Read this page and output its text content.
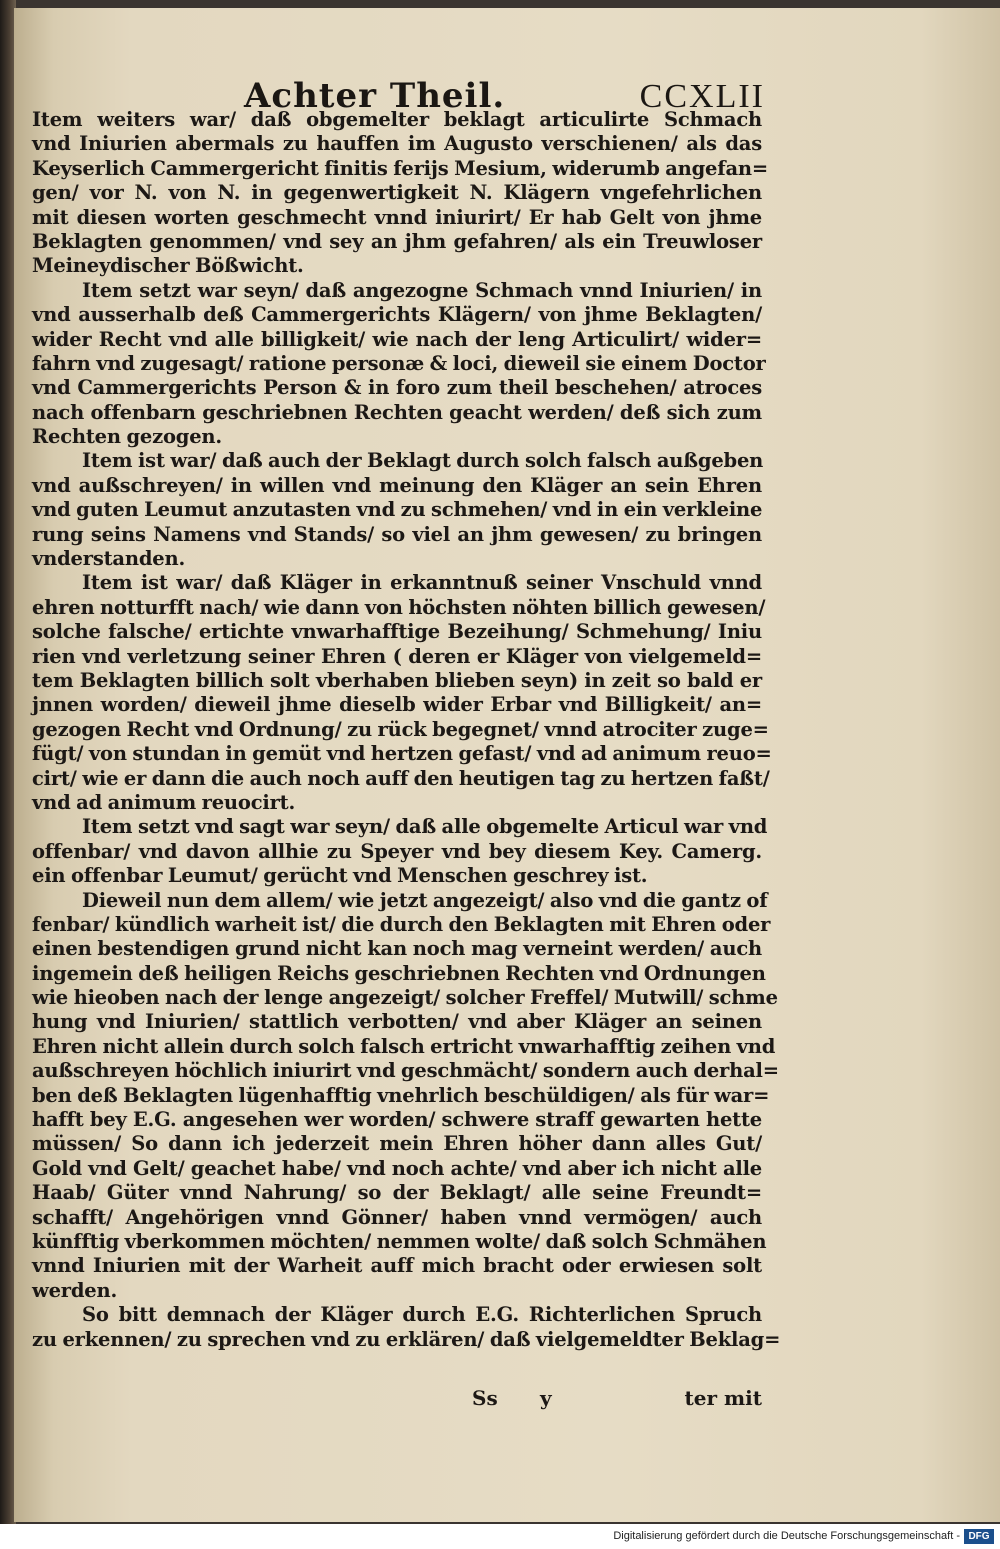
Achter Theil.	CCXLII
Item weiters war/ daß obgemelter beklagt articulirte Schmach
vnd Iniurien abermals zu hauffen im Augusto verschienen/ als das
Keyserlich Cammergericht finitis ferijs Mesium, widerumb angefan=
gen/ vor N. von N. in gegenwertigkeit N. Klägern vngefehrlichen
mit diesen worten geschmecht vnnd iniurirt/ Er hab Gelt von jhme
Beklagten genommen/ vnd sey an jhm gefahren/ als ein Treuwloser
Meineydischer Bößwicht.
Item setzt war seyn/ daß angezogne Schmach vnnd Iniurien/ in
vnd ausserhalb deß Cammergerichts Klägern/ von jhme Beklagten/
wider Recht vnd alle billigkeit/ wie nach der leng Articulirt/ wider=
fahrn vnd zugesagt/ ratione personæ & loci, dieweil sie einem Doctor
vnd Cammergerichts Person & in foro zum theil beschehen/ atroces
nach offenbarn geschriebnen Rechten geacht werden/ deß sich zum
Rechten gezogen.
Item ist war/ daß auch der Beklagt durch solch falsch außgeben
vnd außschreyen/ in willen vnd meinung den Kläger an sein Ehren
vnd guten Leumut anzutasten vnd zu schmehen/ vnd in ein verkleine
rung seins Namens vnd Stands/ so viel an jhm gewesen/ zu bringen
vnderstanden.
Item ist war/ daß Kläger in erkanntnuß seiner Vnschuld vnnd
ehren notturfft nach/ wie dann von höchsten nöhten billich gewesen/
solche falsche/ ertichte vnwarhafftige Bezeihung/ Schmehung/ Iniu
rien vnd verletzung seiner Ehren ( deren er Kläger von vielgemeld=
tem Beklagten billich solt vberhaben blieben seyn) in zeit so bald er
jnnen worden/ dieweil jhme dieselb wider Erbar vnd Billigkeit/ an=
gezogen Recht vnd Ordnung/ zu rück begegnet/ vnnd atrociter zuge=
fügt/ von stundan in gemüt vnd hertzen gefast/ vnd ad animum reuo=
cirt/ wie er dann die auch noch auff den heutigen tag zu hertzen faßt/
vnd ad animum reuocirt.
Item setzt vnd sagt war seyn/ daß alle obgemelte Articul war vnd
offenbar/ vnd davon allhie zu Speyer vnd bey diesem Key. Camerg.
ein offenbar Leumut/ gerücht vnd Menschen geschrey ist.
Dieweil nun dem allem/ wie jetzt angezeigt/ also vnd die gantz of
fenbar/ kündlich warheit ist/ die durch den Beklagten mit Ehren oder
einen bestendigen grund nicht kan noch mag verneint werden/ auch
ingemein deß heiligen Reichs geschriebnen Rechten vnd Ordnungen
wie hieoben nach der lenge angezeigt/ solcher Freffel/ Mutwill/ schme
hung vnd Iniurien/ stattlich verbotten/ vnd aber Kläger an seinen
Ehren nicht allein durch solch falsch ertricht vnwarhafftig zeihen vnd
außschreyen höchlich iniurirt vnd geschmächt/ sondern auch derhal=
ben deß Beklagten lügenhafftig vnehrlich beschüldigen/ als für war=
hafft bey E.G. angesehen wer worden/ schwere straff gewarten hette
müssen/ So dann ich jederzeit mein Ehren höher dann alles Gut/
Gold vnd Gelt/ geachet habe/ vnd noch achte/ vnd aber ich nicht alle
Haab/ Güter vnnd Nahrung/ so der Beklagt/ alle seine Freundt=
schafft/ Angehörigen vnnd Gönner/ haben vnnd vermögen/ auch
künfftig vberkommen möchten/ nemmen wolte/ daß solch Schmähen
vnnd Iniurien mit der Warheit auff mich bracht oder erwiesen solt
werden.
So bitt demnach der Kläger durch E.G. Richterlichen Spruch
zu erkennen/ zu sprechen vnd zu erklären/ daß vielgemeldter Beklag=
Ss y	ter mit
Digitalisierung gefördert durch die Deutsche Forschungsgemeinschaft - DFG
